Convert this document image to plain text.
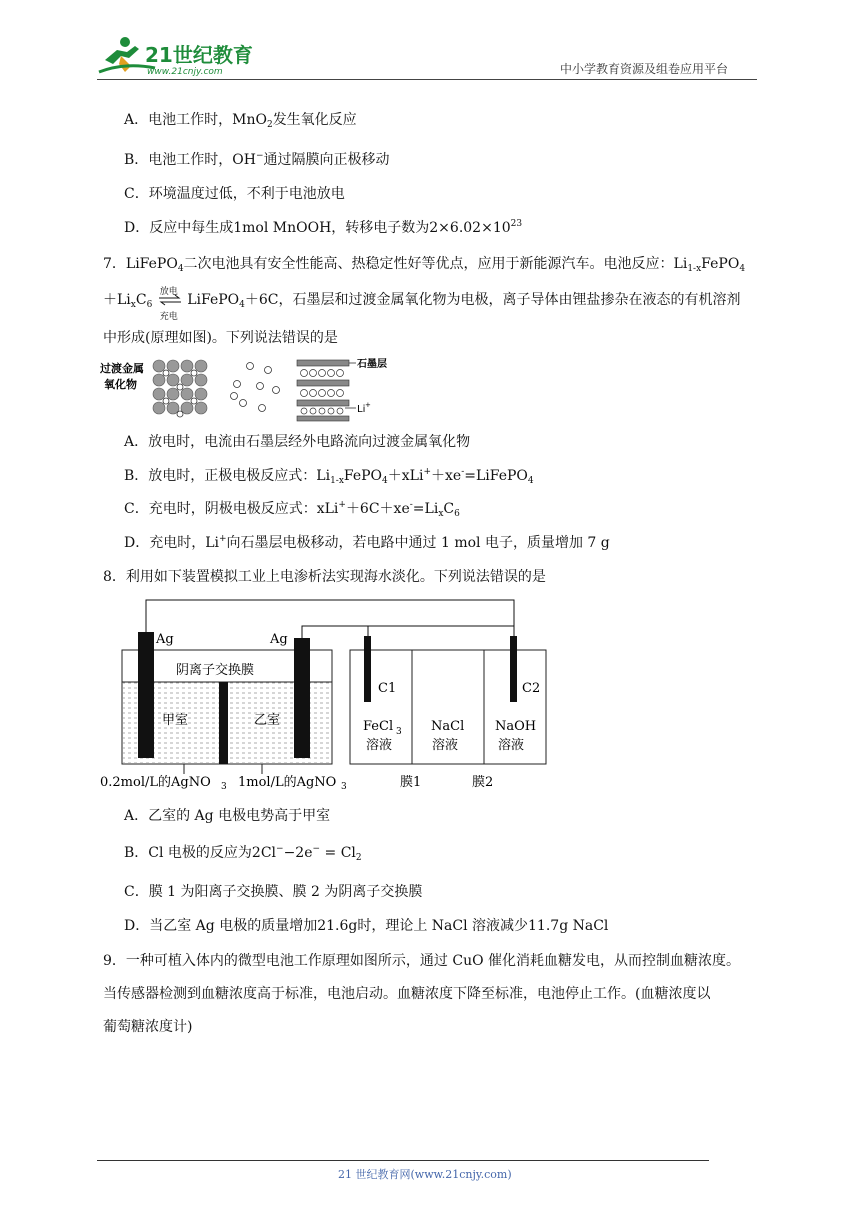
21世纪教育
www.21cnjy.com	中小学教育资源及组卷应用平台
A．电池工作时，MnO$_2$发生氧化反应
B．电池工作时，OH−通过隔膜向正极移动
C．环境温度过低，不利于电池放电
D．反应中每生成1mol MnOOH，转移电子数为$2\times 6.02\times 10^{23}$
7．LiFePO$_4$二次电池具有安全性能高、热稳定性好等优点，应用于新能源汽车。电池反应：$Li_{1-x}FePO_4$
$+Li_xC_6$
放电
充电
LiFePO$_4$＋6C，石墨层和过渡金属氧化物为电极，离子导体由锂盐掺杂在液态的有机溶剂
中形成(原理如图)。下列说法错误的是
过渡金属
氧化物
石墨层
Li +
A．放电时，电流由石墨层经外电路流向过渡金属氧化物
B．放电时，正极电极反应式：$Li_{1-x}FePO_4+xLi^++xe^-=LiFePO_4$
C．充电时，阴极电极反应式：$xLi^++6C+xe^-=Li_xC_6$
D．充电时，Li+向石墨层电极移动，若电路中通过 1 mol 电子，质量增加 7 g
8．利用如下装置模拟工业上电渗析法实现海水淡化。下列说法错误的是
Ag	Ag
阴离子交换膜
甲室	乙室
C1	C2
FeCl 3
溶液
NaCl
溶液
NaOH
溶液
0.2mol/L的AgNO 3 1mol/L的AgNO 3	膜1	膜2
A．乙室的 Ag 电极电势高于甲室
B．Cl 电极的反应为$2Cl^--2e^- = Cl_2$
C．膜 1 为阳离子交换膜、膜 2 为阴离子交换膜
D．当乙室 Ag 电极的质量增加21.6g时，理论上 NaCl 溶液减少11.7g NaCl
9．一种可植入体内的微型电池工作原理如图所示，通过 CuO 催化消耗血糖发电，从而控制血糖浓度。
当传感器检测到血糖浓度高于标准，电池启动。血糖浓度下降至标准，电池停止工作。(血糖浓度以
葡萄糖浓度计)
21 世纪教育网(www.21cnjy.com)
